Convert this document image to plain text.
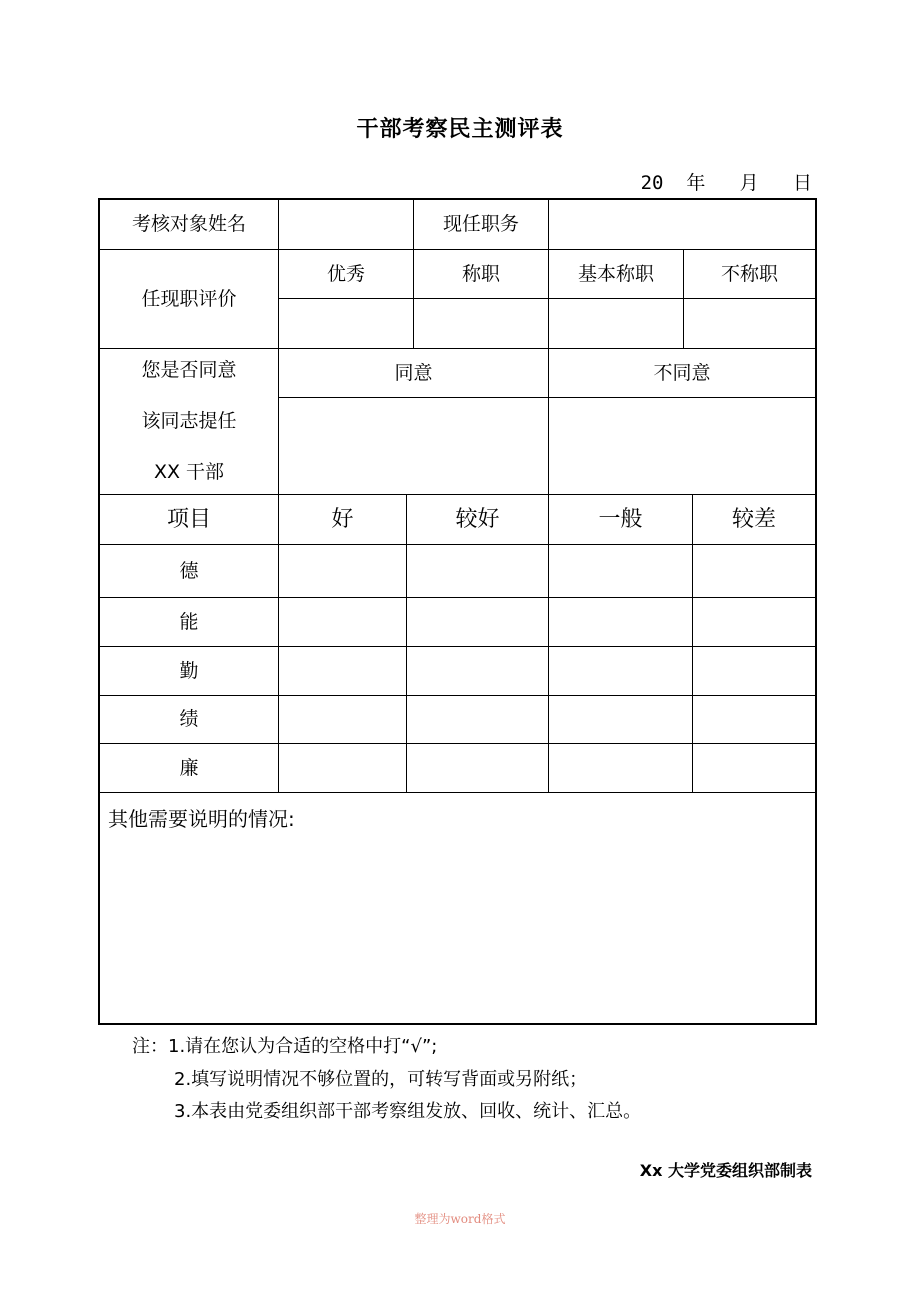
干部考察民主测评表
20  年   月   日
考核对象姓名	现任职务
任现职评价
优秀	称职	基本称职	不称职
您是否同意
该同志提任
XX 干部
同意	不同意
项目	好	较好	一般	较差
德
能
勤
绩
廉
其他需要说明的情况:
注：1.请在您认为合适的空格中打“√”;
2.填写说明情况不够位置的，可转写背面或另附纸；
3.本表由党委组织部干部考察组发放、回收、统计、汇总。
Xx 大学党委组织部制表
整理为word格式
